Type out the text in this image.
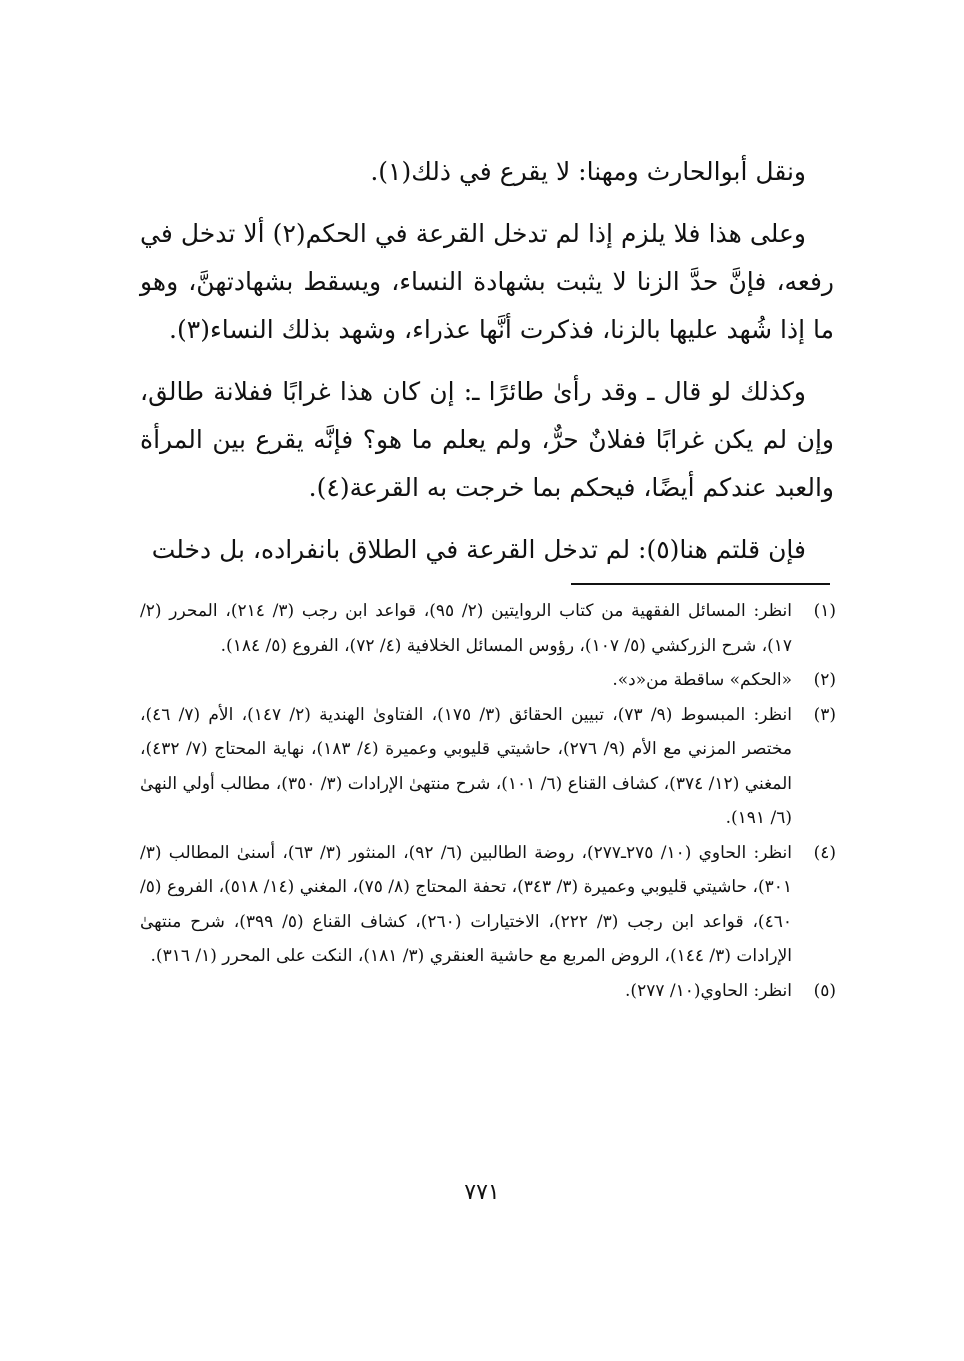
ونقل أبوالحارث ومهنا: لا يقرع في ذلك(١).

وعلى هذا فلا يلزم إذا لم تدخل القرعة في الحكم(٢) ألا تدخل في رفعه، فإنَّ حدَّ الزنا لا يثبت بشهادة النساء، ويسقط بشهادتهنَّ، وهو ما إذا شُهد عليها بالزنا، فذكرت أنَّها عذراء، وشهد بذلك النساء(٣).

وكذلك لو قال ـ وقد رأىٰ طائرًا ـ: إن كان هذا غرابًا ففلانة طالق، وإن لم يكن غرابًا ففلانٌ حرٌّ، ولم يعلم ما هو؟ فإنَّه يقرع بين المرأة والعبد عندكم أيضًا، فيحكم بما خرجت به القرعة(٤).

فإن قلتم هنا(٥): لم تدخل القرعة في الطلاق بانفراده، بل دخلت

(١)
انظر: المسائل الفقهية من كتاب الروايتين (٢/ ٩٥)، قواعد ابن رجب (٣/ ٢١٤)، المحرر (٢/ ١٧)، شرح الزركشي (٥/ ١٠٧)، رؤوس المسائل الخلافية (٤/ ٧٢)، الفروع (٥/ ١٨٤).
(٢)
«الحكم» ساقطة من«د».
(٣)
انظر: المبسوط (٩/ ٧٣)، تبيين الحقائق (٣/ ١٧٥)، الفتاوىٰ الهندية (٢/ ١٤٧)، الأم (٧/ ٤٦)، مختصر المزني مع الأم (٩/ ٢٧٦)، حاشيتي قليوبي وعميرة (٤/ ١٨٣)، نهاية المحتاج (٧/ ٤٣٢)، المغني (١٢/ ٣٧٤)، كشاف القناع (٦/ ١٠١)، شرح منتهىٰ الإرادات (٣/ ٣٥٠)، مطالب أولي النهىٰ (٦/ ١٩١).
(٤)
انظر: الحاوي (١٠/ ٢٧٥ـ٢٧٧)، روضة الطالبين (٦/ ٩٢)، المنثور (٣/ ٦٣)، أسنىٰ المطالب (٣/ ٣٠١)، حاشيتي قليوبي وعميرة (٣/ ٣٤٣)، تحفة المحتاج (٨/ ٧٥)، المغني (١٤/ ٥١٨)، الفروع (٥/ ٤٦٠)، قواعد ابن رجب (٣/ ٢٢٢)، الاختيارات (٢٦٠)، كشاف القناع (٥/ ٣٩٩)، شرح منتهىٰ الإرادات (٣/ ١٤٤)، الروض المربع مع حاشية العنقري (٣/ ١٨١)، النكت على المحرر (١/ ٣١٦).
(٥)
انظر: الحاوي(١٠/ ٢٧٧).
٧٧١
